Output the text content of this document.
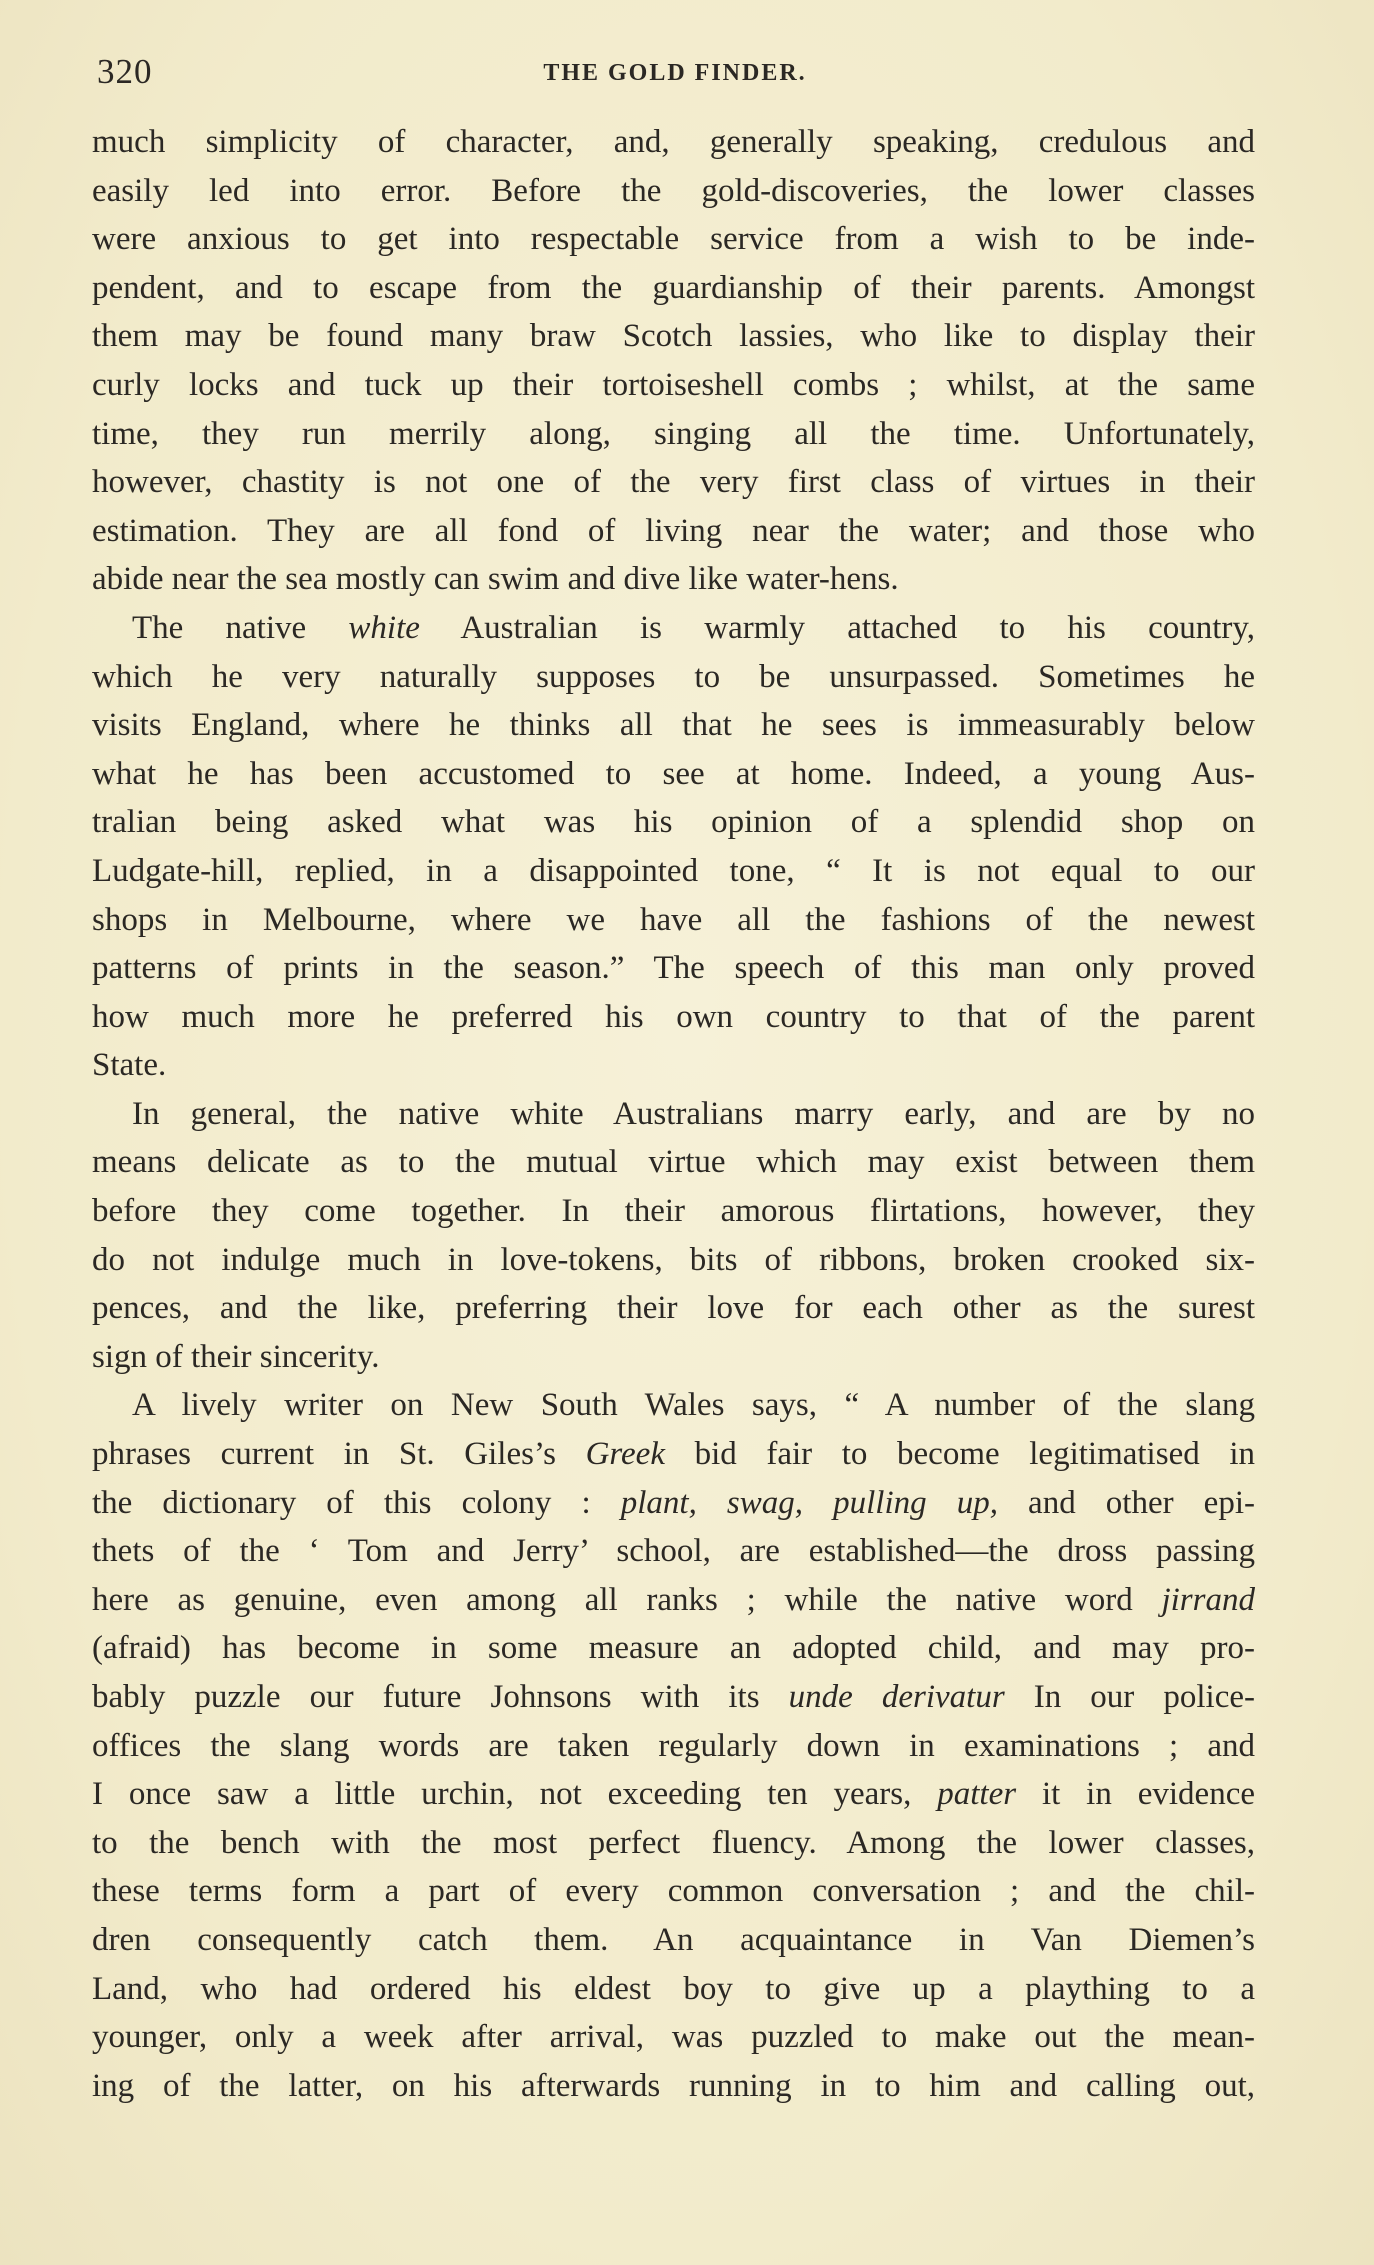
320	THE GOLD FINDER.
much simplicity of character, and, generally speaking, credulous and
easily led into error. Before the gold-discoveries, the lower classes
were anxious to get into respectable service from a wish to be inde-
pendent, and to escape from the guardianship of their parents. Amongst
them may be found many braw Scotch lassies, who like to display their
curly locks and tuck up their tortoiseshell combs ; whilst, at the same
time, they run merrily along, singing all the time. Unfortunately,
however, chastity is not one of the very first class of virtues in their
estimation. They are all fond of living near the water; and those who
abide near the sea mostly can swim and dive like water-hens.
The native white Australian is warmly attached to his country,
which he very naturally supposes to be unsurpassed. Sometimes he
visits England, where he thinks all that he sees is immeasurably below
what he has been accustomed to see at home. Indeed, a young Aus-
tralian being asked what was his opinion of a splendid shop on
Ludgate-hill, replied, in a disappointed tone, “ It is not equal to our
shops in Melbourne, where we have all the fashions of the newest
patterns of prints in the season.” The speech of this man only proved
how much more he preferred his own country to that of the parent
State.
In general, the native white Australians marry early, and are by no
means delicate as to the mutual virtue which may exist between them
before they come together. In their amorous flirtations, however, they
do not indulge much in love-tokens, bits of ribbons, broken crooked six-
pences, and the like, preferring their love for each other as the surest
sign of their sincerity.
A lively writer on New South Wales says, “ A number of the slang
phrases current in St. Giles’s Greek bid fair to become legitimatised in
the dictionary of this colony : plant, swag, pulling up, and other epi-
thets of the ‘ Tom and Jerry’ school, are established—the dross passing
here as genuine, even among all ranks ; while the native word jirrand
(afraid) has become in some measure an adopted child, and may pro-
bably puzzle our future Johnsons with its unde derivatur In our police-
offices the slang words are taken regularly down in examinations ; and
I once saw a little urchin, not exceeding ten years, patter it in evidence
to the bench with the most perfect fluency. Among the lower classes,
these terms form a part of every common conversation ; and the chil-
dren consequently catch them. An acquaintance in Van Diemen’s
Land, who had ordered his eldest boy to give up a plaything to a
younger, only a week after arrival, was puzzled to make out the mean-
ing of the latter, on his afterwards running in to him and calling out,
